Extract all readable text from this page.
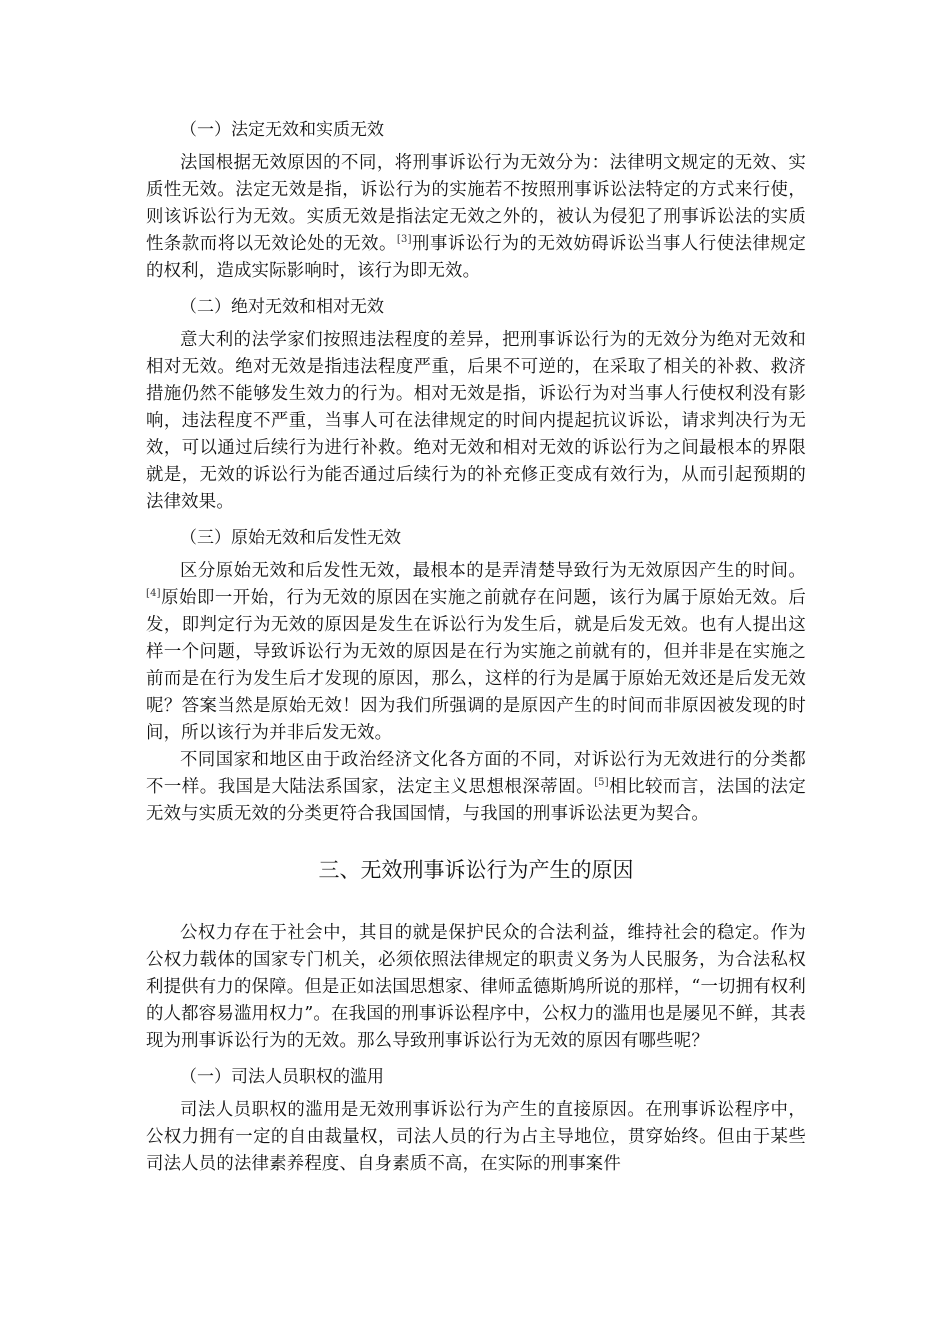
（一）法定无效和实质无效

法国根据无效原因的不同，将刑事诉讼行为无效分为：法律明文规定的无效、实质性无效。法定无效是指，诉讼行为的实施若不按照刑事诉讼法特定的方式来行使，则该诉讼行为无效。实质无效是指法定无效之外的，被认为侵犯了刑事诉讼法的实质性条款而将以无效论处的无效。[3]刑事诉讼行为的无效妨碍诉讼当事人行使法律规定的权利，造成实际影响时，该行为即无效。

（二）绝对无效和相对无效

意大利的法学家们按照违法程度的差异，把刑事诉讼行为的无效分为绝对无效和相对无效。绝对无效是指违法程度严重，后果不可逆的，在采取了相关的补救、救济措施仍然不能够发生效力的行为。相对无效是指，诉讼行为对当事人行使权利没有影响，违法程度不严重，当事人可在法律规定的时间内提起抗议诉讼，请求判决行为无效，可以通过后续行为进行补救。绝对无效和相对无效的诉讼行为之间最根本的界限就是，无效的诉讼行为能否通过后续行为的补充修正变成有效行为，从而引起预期的法律效果。

（三）原始无效和后发性无效

区分原始无效和后发性无效，最根本的是弄清楚导致行为无效原因产生的时间。[4]原始即一开始，行为无效的原因在实施之前就存在问题，该行为属于原始无效。后发，即判定行为无效的原因是发生在诉讼行为发生后，就是后发无效。也有人提出这样一个问题，导致诉讼行为无效的原因是在行为实施之前就有的，但并非是在实施之前而是在行为发生后才发现的原因，那么，这样的行为是属于原始无效还是后发无效呢？答案当然是原始无效！因为我们所强调的是原因产生的时间而非原因被发现的时间，所以该行为并非后发无效。

不同国家和地区由于政治经济文化各方面的不同，对诉讼行为无效进行的分类都不一样。我国是大陆法系国家，法定主义思想根深蒂固。[5]相比较而言，法国的法定无效与实质无效的分类更符合我国国情，与我国的刑事诉讼法更为契合。

三、无效刑事诉讼行为产生的原因

公权力存在于社会中，其目的就是保护民众的合法利益，维持社会的稳定。作为公权力载体的国家专门机关，必须依照法律规定的职责义务为人民服务，为合法私权利提供有力的保障。但是正如法国思想家、律师孟德斯鸠所说的那样，“一切拥有权利的人都容易滥用权力”。在我国的刑事诉讼程序中，公权力的滥用也是屡见不鲜，其表现为刑事诉讼行为的无效。那么导致刑事诉讼行为无效的原因有哪些呢？

（一）司法人员职权的滥用

司法人员职权的滥用是无效刑事诉讼行为产生的直接原因。在刑事诉讼程序中，公权力拥有一定的自由裁量权，司法人员的行为占主导地位，贯穿始终。但由于某些司法人员的法律素养程度、自身素质不高，在实际的刑事案件
